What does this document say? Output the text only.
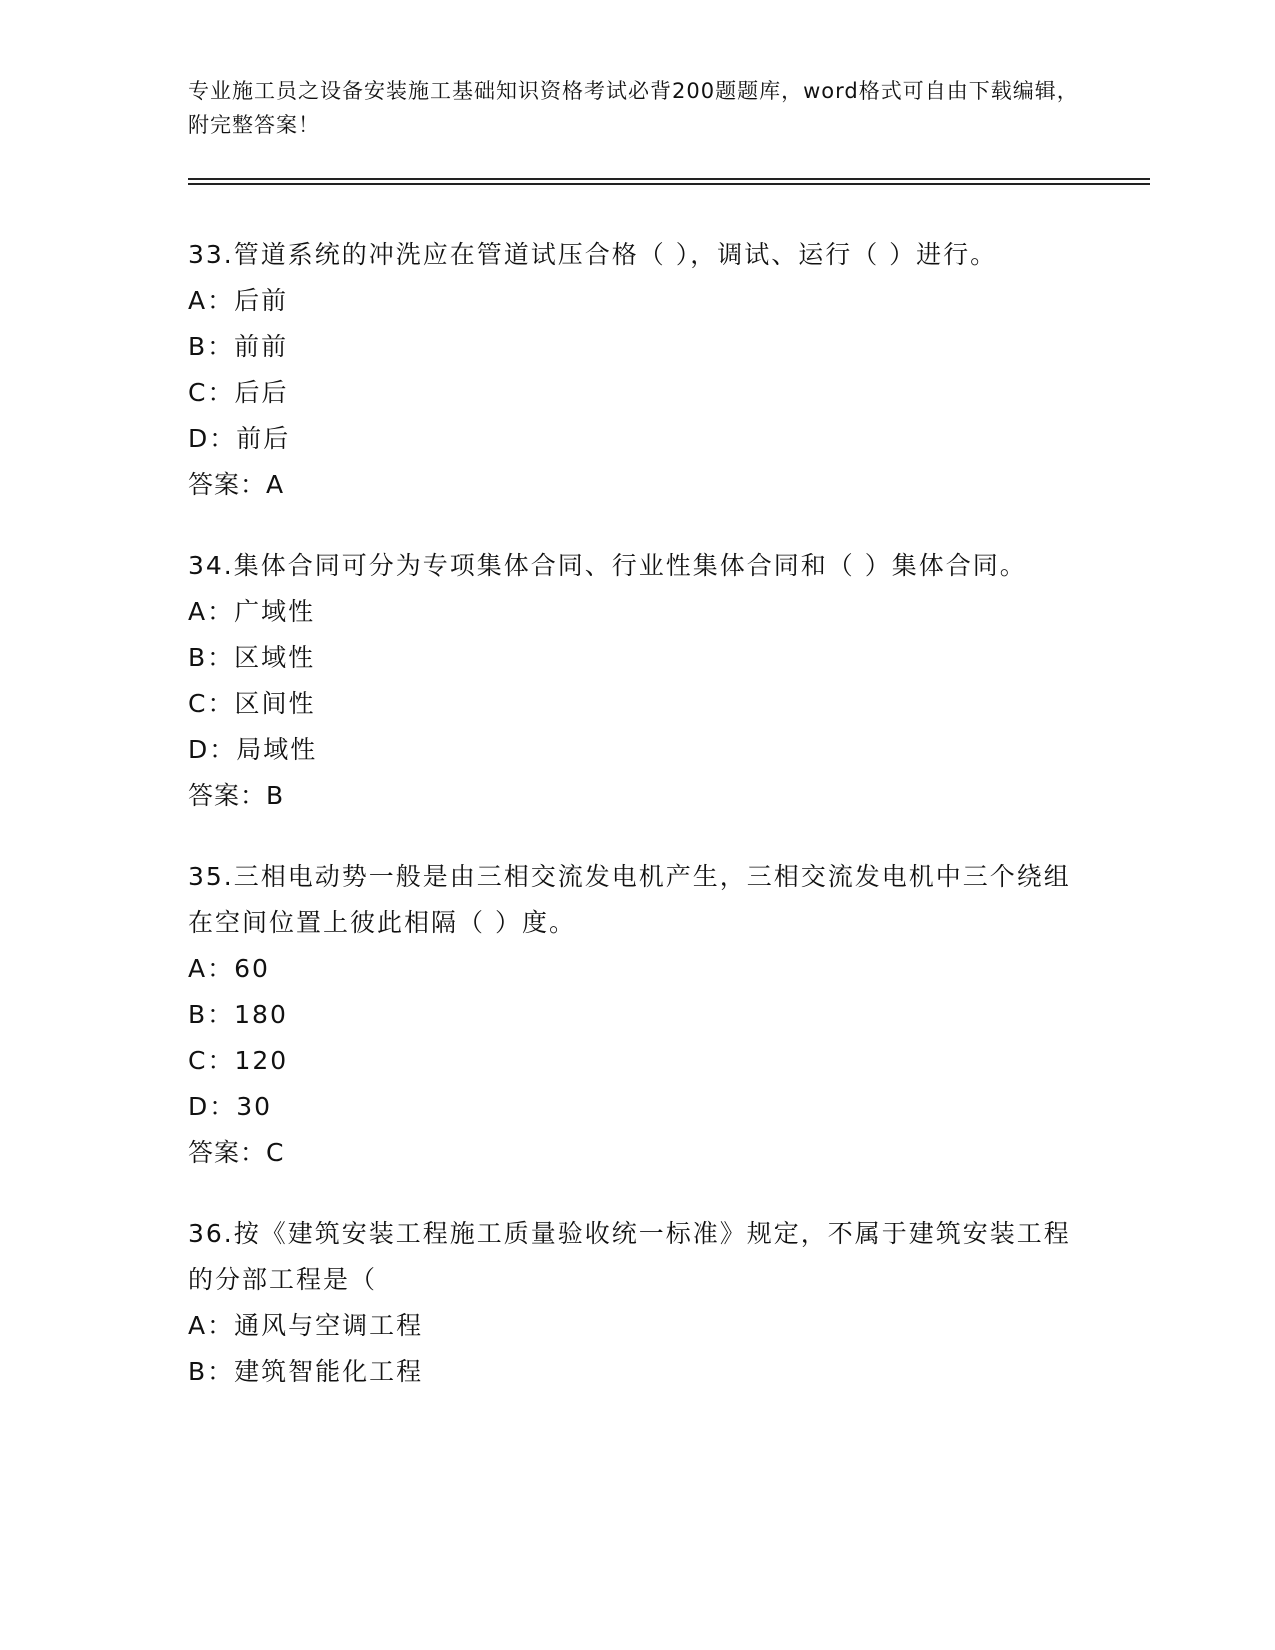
专业施工员之设备安装施工基础知识资格考试必背200题题库，word格式可自由下载编辑，附完整答案！
33.管道系统的冲洗应在管道试压合格（ ），调试、运行（ ）进行。
A：后前
B：前前
C：后后
D：前后
答案：A
34.集体合同可分为专项集体合同、行业性集体合同和（ ）集体合同。
A：广域性
B：区域性
C：区间性
D：局域性
答案：B
35.三相电动势一般是由三相交流发电机产生，三相交流发电机中三个绕组在空间位置上彼此相隔（ ）度。
A：60
B：180
C：120
D：30
答案：C
36.按《建筑安装工程施工质量验收统一标准》规定，不属于建筑安装工程的分部工程是（
A：通风与空调工程
B：建筑智能化工程
